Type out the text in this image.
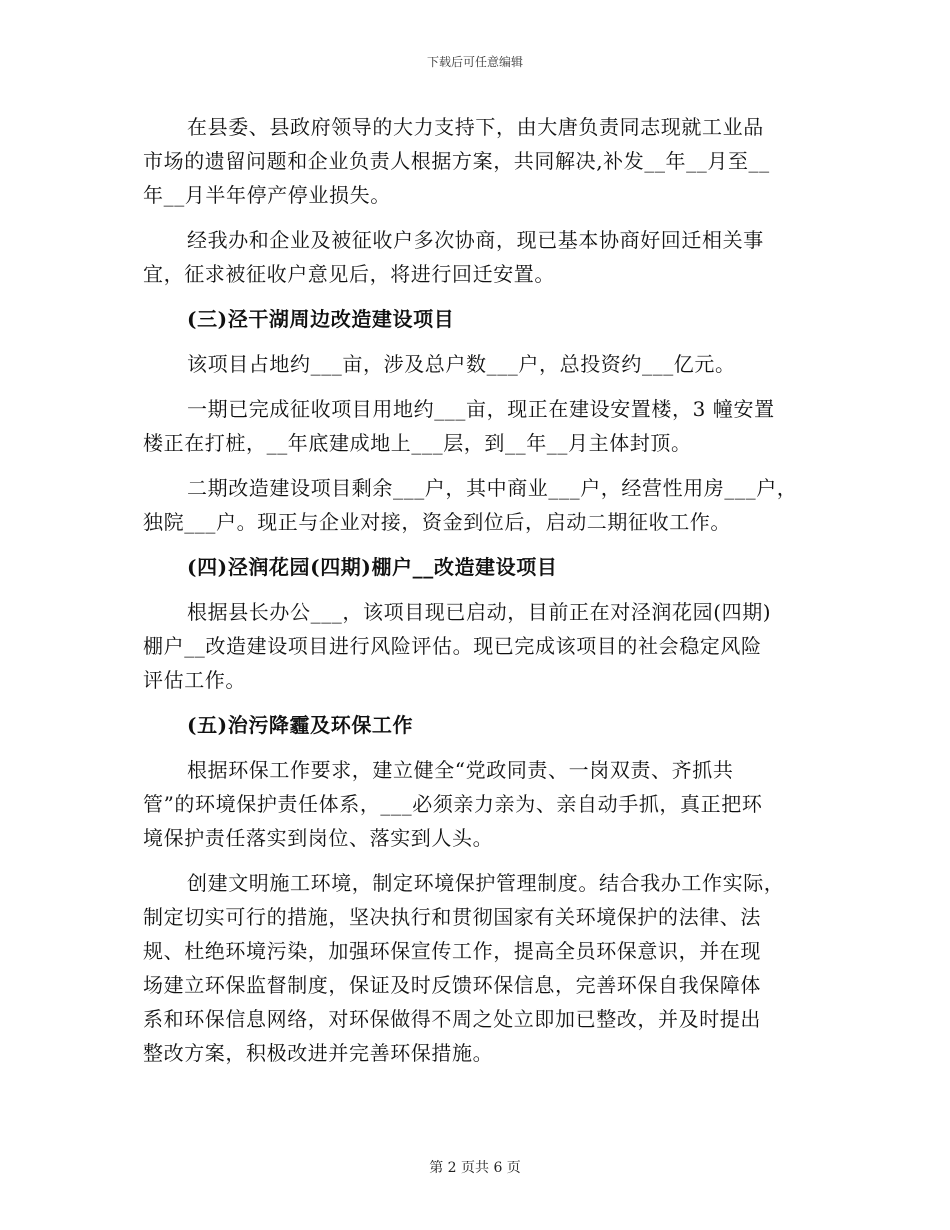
下载后可任意编辑
在县委、县政府领导的大力支持下，由大唐负责同志现就工业品
市场的遗留问题和企业负责人根据方案，共同解决,补发__年__月至__
年__月半年停产停业损失。
经我办和企业及被征收户多次协商，现已基本协商好回迁相关事
宜，征求被征收户意见后，将进行回迁安置。
(三)泾干湖周边改造建设项目
该项目占地约___亩，涉及总户数___户，总投资约___亿元。
一期已完成征收项目用地约___亩，现正在建设安置楼，3 幢安置
楼正在打桩，__年底建成地上___层，到__年__月主体封顶。
二期改造建设项目剩余___户，其中商业___户，经营性用房___户，
独院___户。现正与企业对接，资金到位后，启动二期征收工作。
(四)泾润花园(四期)棚户__改造建设项目
根据县长办公___，该项目现已启动，目前正在对泾润花园(四期)
棚户__改造建设项目进行风险评估。现已完成该项目的社会稳定风险
评估工作。
(五)治污降霾及环保工作
根据环保工作要求，建立健全“党政同责、一岗双责、齐抓共
管”的环境保护责任体系，___必须亲力亲为、亲自动手抓，真正把环
境保护责任落实到岗位、落实到人头。
创建文明施工环境，制定环境保护管理制度。结合我办工作实际，
制定切实可行的措施，坚决执行和贯彻国家有关环境保护的法律、法
规、杜绝环境污染，加强环保宣传工作，提高全员环保意识，并在现
场建立环保监督制度，保证及时反馈环保信息，完善环保自我保障体
系和环保信息网络，对环保做得不周之处立即加已整改，并及时提出
整改方案，积极改进并完善环保措施。
第 2 页共 6 页
